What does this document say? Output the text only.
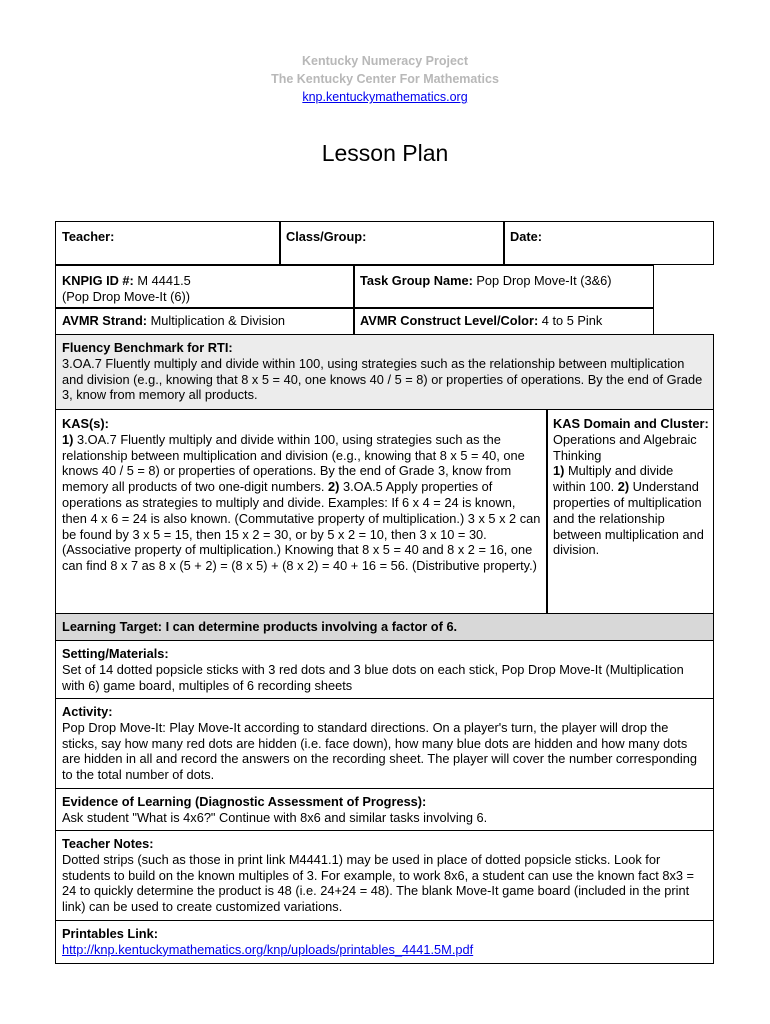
Kentucky Numeracy Project
The Kentucky Center For Mathematics
knp.kentuckymathematics.org
Lesson Plan
Teacher:	Class/Group:	Date:
KNPIG ID #: M 4441.5
(Pop Drop Move-It (6))
Task Group Name: Pop Drop Move-It (3&6)
AVMR Strand: Multiplication & Division	AVMR Construct Level/Color: 4 to 5 Pink
Fluency Benchmark for RTI:
3.OA.7 Fluently multiply and divide within 100, using strategies such as the relationship between multiplication and division (e.g., knowing that 8 x 5 = 40, one knows 40 / 5 = 8) or properties of operations. By the end of Grade 3, know from memory all products.
KAS(s):
1) 3.OA.7 Fluently multiply and divide within 100, using strategies such as the relationship between multiplication and division (e.g., knowing that 8 x 5 = 40, one knows 40 / 5 = 8) or properties of operations. By the end of Grade 3, know from memory all products of two one-digit numbers. 2) 3.OA.5 Apply properties of operations as strategies to multiply and divide. Examples: If 6 x 4 = 24 is known, then 4 x 6 = 24 is also known. (Commutative property of multiplication.) 3 x 5 x 2 can be found by 3 x 5 = 15, then 15 x 2 = 30, or by 5 x 2 = 10, then 3 x 10 = 30. (Associative property of multiplication.) Knowing that 8 x 5 = 40 and 8 x 2 = 16, one can find 8 x 7 as 8 x (5 + 2) = (8 x 5) + (8 x 2) = 40 + 16 = 56. (Distributive property.)
KAS Domain and Cluster:
Operations and Algebraic Thinking
1) Multiply and divide within 100. 2) Understand properties of multiplication and the relationship between multiplication and division.
Learning Target: I can determine products involving a factor of 6.
Setting/Materials:
Set of 14 dotted popsicle sticks with 3 red dots and 3 blue dots on each stick, Pop Drop Move-It (Multiplication with 6) game board, multiples of 6 recording sheets
Activity:
Pop Drop Move-It: Play Move-It according to standard directions. On a player's turn, the player will drop the sticks, say how many red dots are hidden (i.e. face down), how many blue dots are hidden and how many dots are hidden in all and record the answers on the recording sheet. The player will cover the number corresponding to the total number of dots.
Evidence of Learning (Diagnostic Assessment of Progress):
Ask student "What is 4x6?" Continue with 8x6 and similar tasks involving 6.
Teacher Notes:
Dotted strips (such as those in print link M4441.1) may be used in place of dotted popsicle sticks. Look for students to build on the known multiples of 3. For example, to work 8x6, a student can use the known fact 8x3 = 24 to quickly determine the product is 48 (i.e. 24+24 = 48). The blank Move-It game board (included in the print link) can be used to create customized variations.
Printables Link:
http://knp.kentuckymathematics.org/knp/uploads/printables_4441.5M.pdf
